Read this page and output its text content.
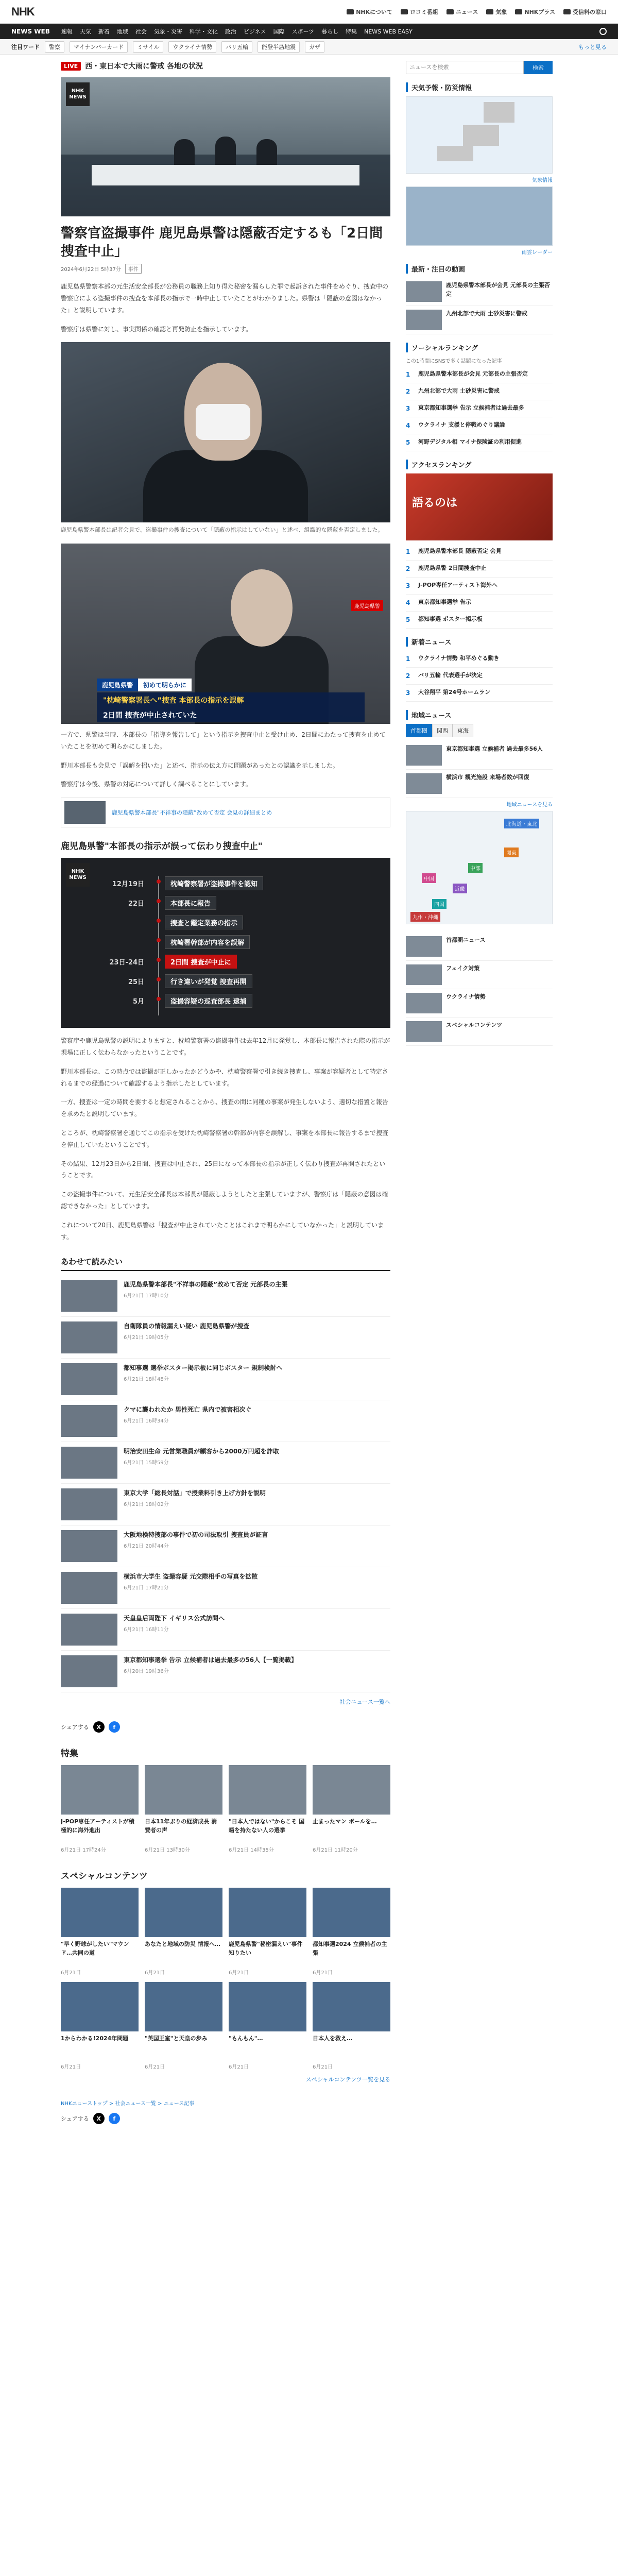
NHK	NHKについて	ロコミ番組	ニュース	気象	NHKプラス	受信料の窓口
NEWS WEB 速報 天気 新着 地域 社会 気象・災害 科学・文化 政治 ビジネス 国際 スポーツ 暮らし 特集 NEWS WEB EASY
注目ワード	警察	マイナンバーカード	ミサイル	ウクライナ情勢	パリ五輪	能登半島地震	ガザ	もっと見る
LIVE	西・東日本で大雨に警戒 各地の状況
NHK
NEWS
警察官盗撮事件 鹿児島県警は隠蔽否定するも「2日間捜査中止」
2024年6月22日 5時37分	事件

鹿児島県警察本部の元生活安全部長が公務員の職務上知り得た秘密を漏らした罪で起訴された事件をめぐり、捜査中の警察官による盗撮事件の捜査を本部長の指示で一時中止していたことがわかりました。県警は「隠蔽の意図はなかった」と説明しています。

警察庁は県警に対し、事実関係の確認と再発防止を指示しています。

鹿児島県警本部長は記者会見で、盗撮事件の捜査について「隠蔽の指示はしていない」と述べ、組織的な隠蔽を否定しました。

鹿児島県警
鹿児島県警 初めて明らかに
"枕崎警察署長へ”捜査 本部長の指示を誤解
2日間 捜査が中止されていた

一方で、県警は当時、本部長の「指導を報告して」という指示を捜査中止と受け止め、2日間にわたって捜査を止めていたことを初めて明らかにしました。

野川本部長も会見で「誤解を招いた」と述べ、指示の伝え方に問題があったとの認識を示しました。

警察庁は今後、県警の対応について詳しく調べることにしています。

鹿児島県警本部長"不祥事の隠蔽”改めて否定 会見の詳細まとめ
鹿児島県警"本部長の指示が誤って伝わり捜査中止"
NHK
NEWS
12月19日	枕崎警察署が盗撮事件を認知
22日	本部長に報告
捜査と鑑定業務の指示
枕崎署幹部が内容を誤解
23日-24日	2日間 捜査が中止に
25日	行き違いが発覚 捜査再開
5月	盗撮容疑の巡査部長 逮捕

警察庁や鹿児島県警の説明によりますと、枕崎警察署の盗撮事件は去年12月に発覚し、本部長に報告された際の指示が現場に正しく伝わらなかったということです。

野川本部長は、この時点では盗撮が正しかったかどうかや、枕崎警察署で引き続き捜査し、事案が容疑者として特定されるまでの経過について確認するよう指示したとしています。

一方、捜査は一定の時間を要すると想定されることから、捜査の間に同種の事案が発生しないよう、適切な措置と報告を求めたと説明しています。

ところが、枕崎警察署を通じてこの指示を受けた枕崎警察署の幹部が内容を誤解し、事案を本部長に報告するまで捜査を停止していたということです。

その結果、12月23日から2日間、捜査は中止され、25日になって本部長の指示が正しく伝わり捜査が再開されたということです。

この盗撮事件について、元生活安全部長は本部長が隠蔽しようとしたと主張していますが、警察庁は「隠蔽の意図は確認できなかった」としています。

これについて20日、鹿児島県警は「捜査が中止されていたことはこれまで明らかにしていなかった」と説明しています。

あわせて読みたい
鹿児島県警本部長"不祥事の隠蔽”改めて否定 元部長の主張
6月21日 17時10分
自衛隊員の情報漏えい疑い 鹿児島県警が捜査
6月21日 19時05分
都知事選 選挙ポスター掲示板に同じポスター 規制検討へ
6月21日 18時48分
クマに襲われたか 男性死亡 県内で被害相次ぐ
6月21日 16時34分
明治安田生命 元営業職員が顧客から2000万円超を詐取
6月21日 15時59分
東京大学「総長対話」で授業料引き上げ方針を説明
6月21日 18時02分
大阪地検特捜部の事件で初の司法取引 捜査員が証言
6月21日 20時44分
横浜市大学生 盗撮容疑 元交際相手の写真を拡散
6月21日 17時21分
天皇皇后両陛下 イギリス公式訪問へ
6月21日 16時11分
東京都知事選挙 告示 立候補者は過去最多の56人【一覧掲載】
6月20日 19時36分
社会ニュース一覧へ
シェアする	X	f
特集
J-POP専任アーティストが積極的に海外進出
6月21日 17時24分
日本11年ぶりの経済成長 消費者の声
6月21日 13時30分
"日本人ではない"からこそ 国籍を持たない人の選挙
6月21日 14時35分
止まったマン ボールを…
6月21日 11時20分
スペシャルコンテンツ
"早く野球がしたい"マウンド…共同の道
6月21日
あなたと地域の防災 情報へ…
6月21日
鹿児島県警"秘密漏えい"事件 知りたい
6月21日
都知事選2024 立候補者の主張
6月21日
1からわかる!2024年問題
6月21日
"英国王室"と天皇の歩み
6月21日
"もんもん"…
6月21日
日本人を救え…
6月21日
スペシャルコンテンツ一覧を見る
NHKニューストップ > 社会ニュース一覧 > ニュース記事
シェアする	X	f
ニュースを検索
検索
天気予報・防災情報
気象情報
雨雲レーダー
最新・注目の動画
鹿児島県警本部長が会見 元部長の主張否定
九州北部で大雨 土砂災害に警戒
ソーシャルランキング
この1時間にSNSで多く話題になった記事
1	鹿児島県警本部長が会見 元部長の主張否定
2	九州北部で大雨 土砂災害に警戒
3	東京都知事選挙 告示 立候補者は過去最多
4	ウクライナ 支援と停戦めぐり議論
5	河野デジタル相 マイナ保険証の利用促進
アクセスランキング
語るのは
1	鹿児島県警本部長 隠蔽否定 会見
2	鹿児島県警 2日間捜査中止
3	J-POP専任アーティスト海外へ
4	東京都知事選挙 告示
5	都知事選 ポスター掲示板
新着ニュース
1	ウクライナ情勢 和平めぐる動き
2	パリ五輪 代表選手が決定
3	大谷翔平 第24号ホームラン
地域ニュース
首都圏	関西	東海
東京都知事選 立候補者 過去最多56人
横浜市 観光施設 来場者数が回復
地域ニュースを見る
北海道・東北
関東
中部
近畿
中国
四国
九州・沖縄
首都圏ニュース
フェイク対策
ウクライナ情勢
スペシャルコンテンツ
